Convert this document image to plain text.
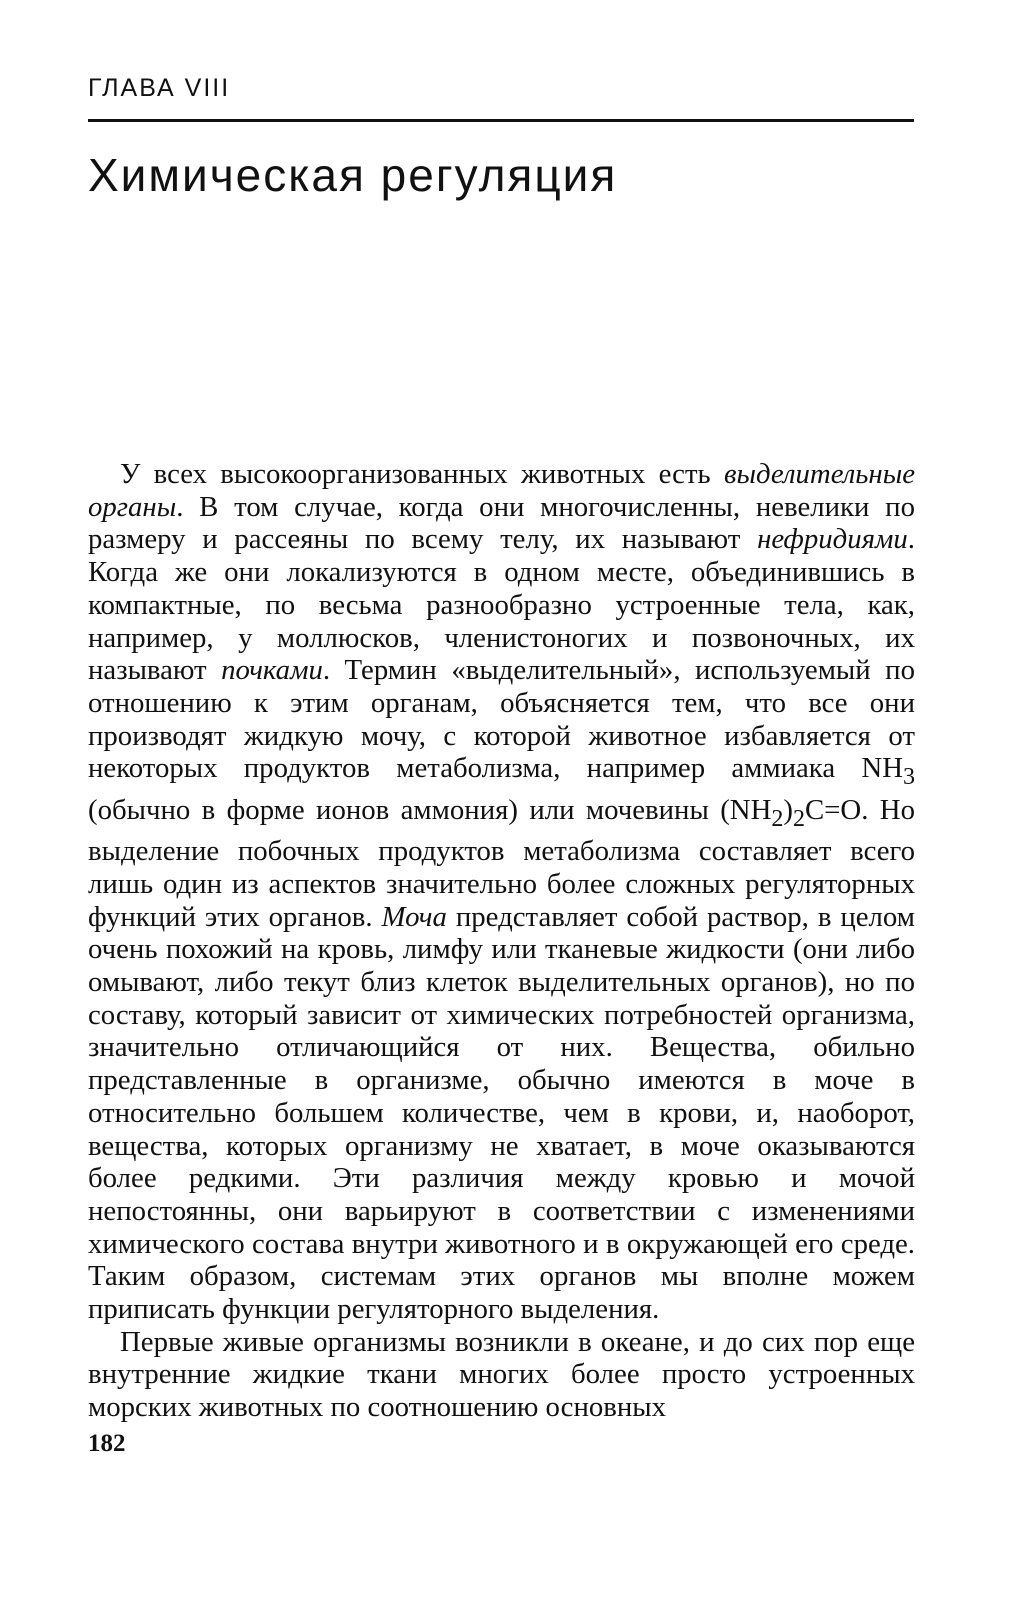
ГЛАВА VIII
Химическая регуляция

У всех высокоорганизованных животных есть выделительные органы. В том случае, когда они многочисленны, невелики по размеру и рассеяны по всему телу, их называют нефридиями. Когда же они локализуются в одном месте, объединившись в компактные, по весьма разнообразно устроенные тела, как, например, у моллюсков, членистоногих и позвоночных, их называют почками. Термин «выделительный», используемый по отношению к этим органам, объясняется тем, что все они производят жидкую мочу, с которой животное избавляется от некоторых продуктов метаболизма, например аммиака $NH_3$ (обычно в форме ионов аммония) или мочевины $(NH_2)_2C=O$. Но выделение побочных продуктов метаболизма составляет всего лишь один из аспектов значительно более сложных регуляторных функций этих органов. Моча представляет собой раствор, в целом очень похожий на кровь, лимфу или тканевые жидкости (они либо омывают, либо текут близ клеток выделительных органов), но по составу, который зависит от химических потребностей организма, значительно отличающийся от них. Вещества, обильно представленные в организме, обычно имеются в моче в относительно большем количестве, чем в крови, и, наоборот, вещества, которых организму не хватает, в моче оказываются более редкими. Эти различия между кровью и мочой непостоянны, они варьируют в соответствии с изменениями химического состава внутри животного и в окружающей его среде. Таким образом, системам этих органов мы вполне можем приписать функции регуляторного выделения.

Первые живые организмы возникли в океане, и до сих пор еще внутренние жидкие ткани многих более просто устроенных морских животных по соотношению основных

182
